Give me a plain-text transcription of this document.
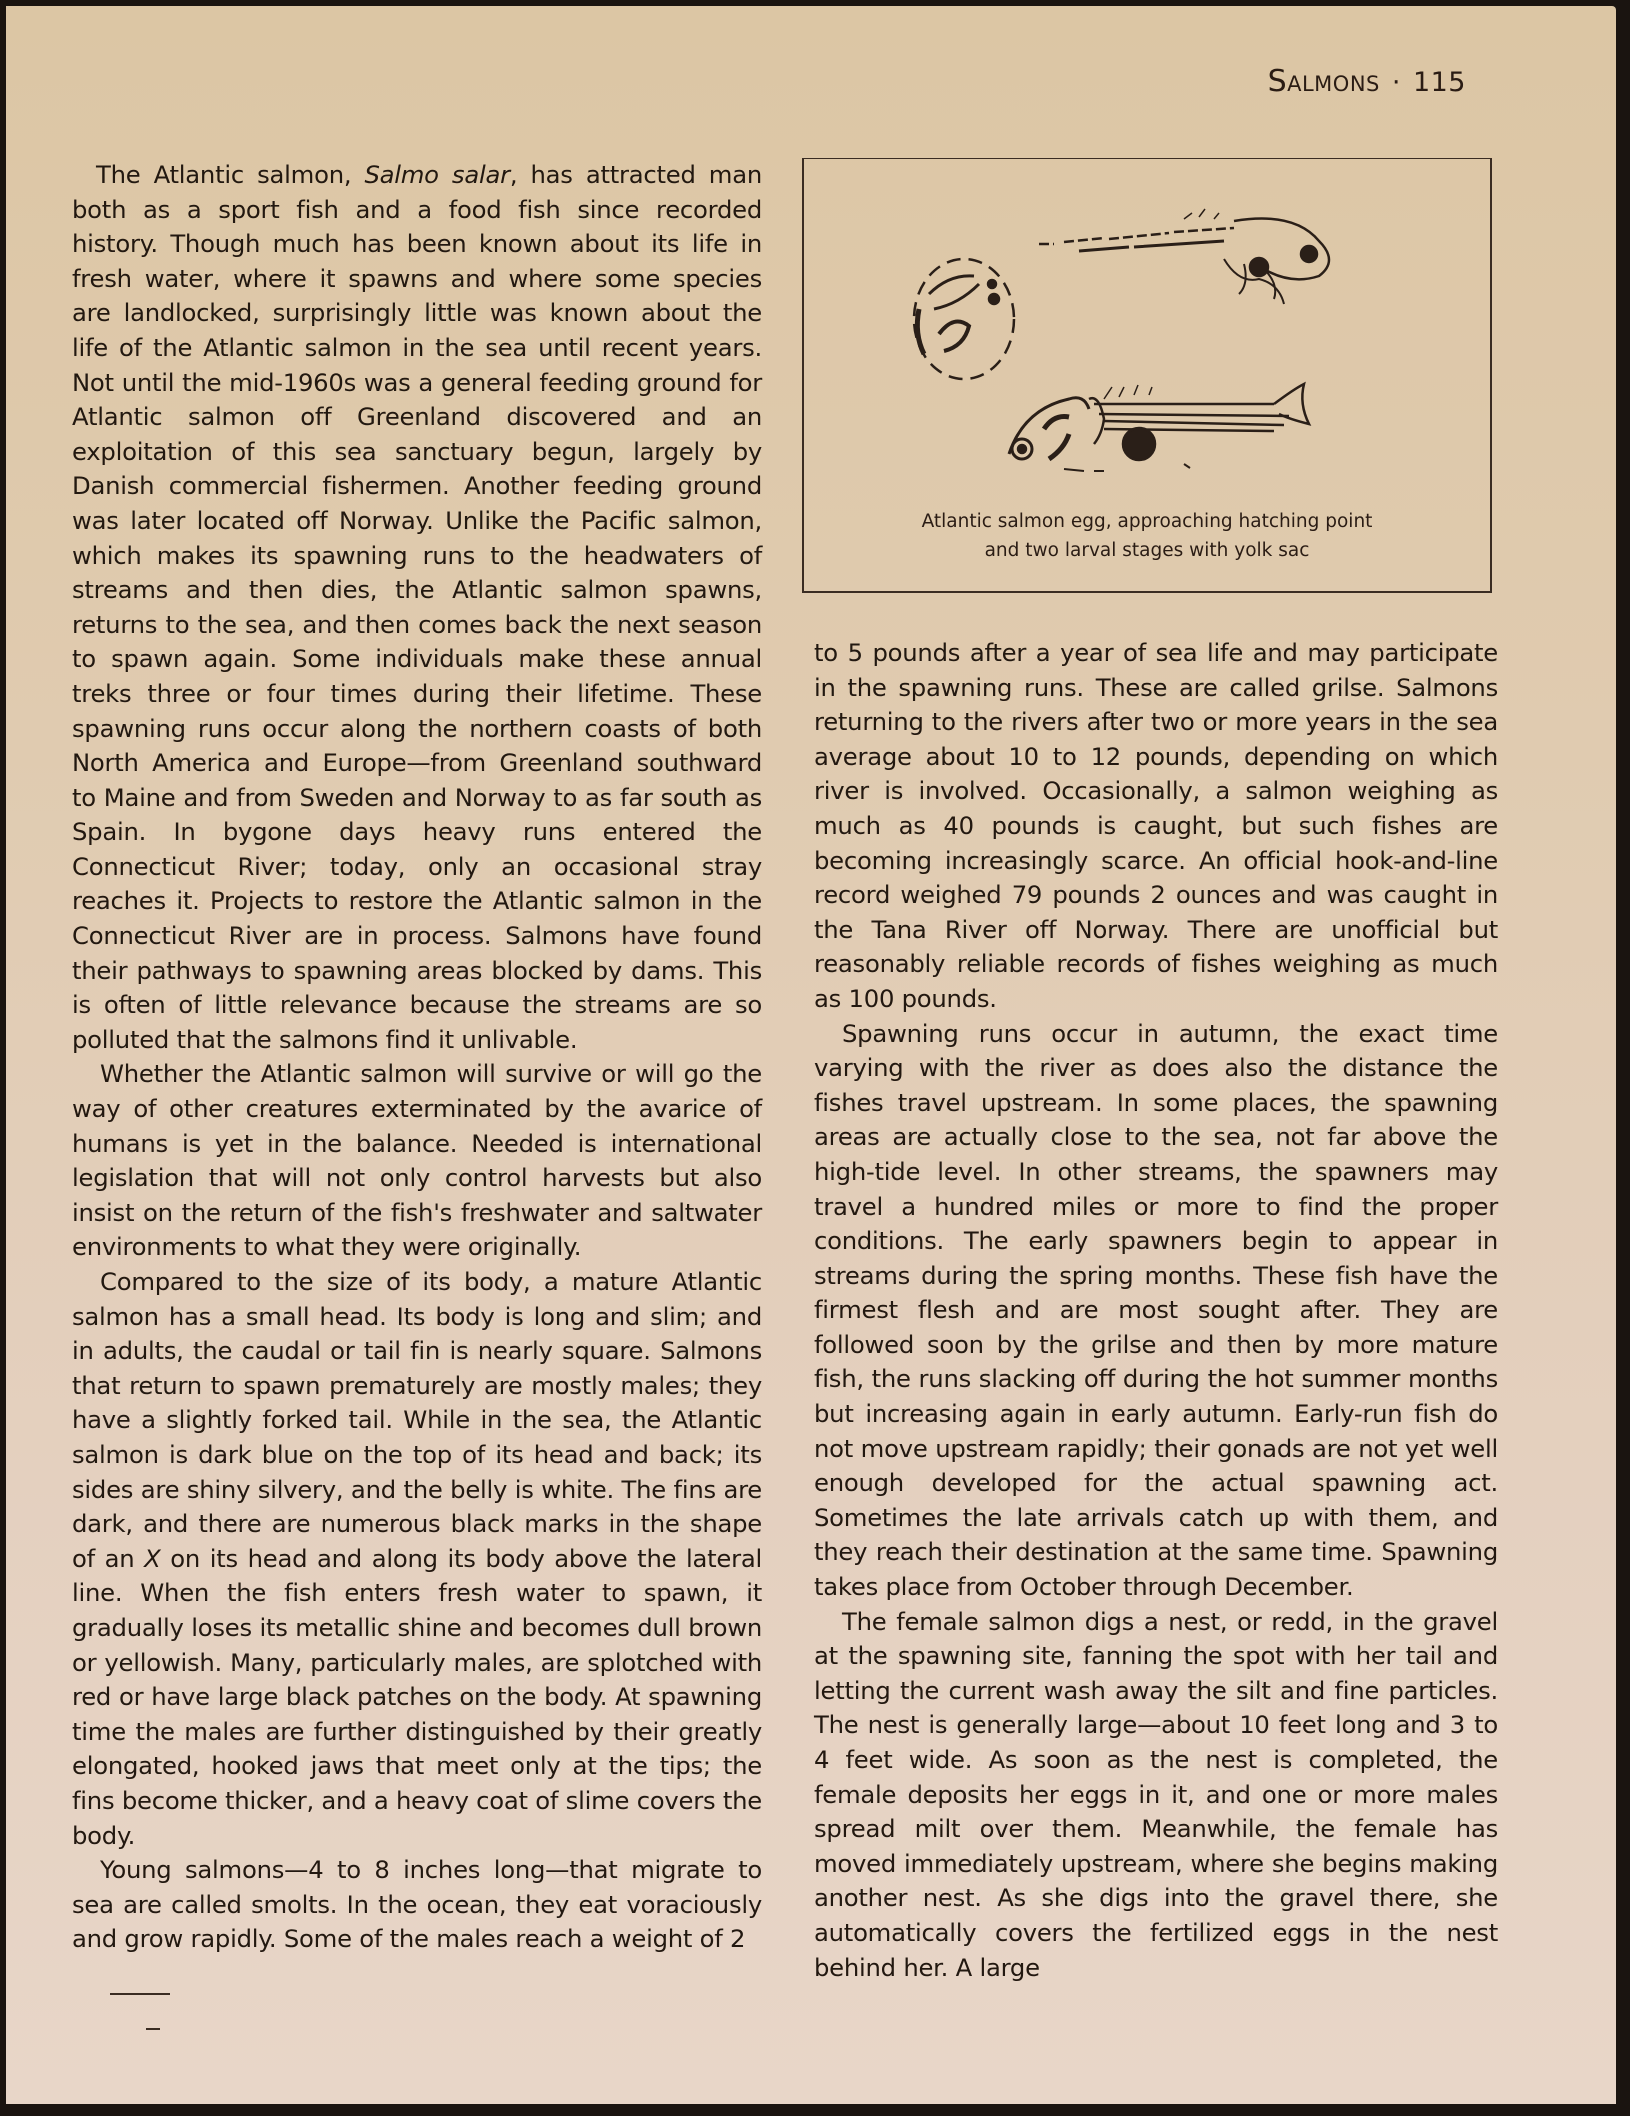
Salmons · 115

The Atlantic salmon, Salmo salar, has attracted man both as a sport fish and a food fish since recorded history. Though much has been known about its life in fresh water, where it spawns and where some species are landlocked, surprisingly little was known about the life of the Atlantic salmon in the sea until recent years. Not until the mid-1960s was a general feeding ground for Atlantic salmon off Greenland discovered and an exploitation of this sea sanctuary begun, largely by Danish commercial fishermen. Another feeding ground was later located off Norway. Unlike the Pacific salmon, which makes its spawning runs to the headwaters of streams and then dies, the Atlantic salmon spawns, returns to the sea, and then comes back the next season to spawn again. Some individuals make these annual treks three or four times during their lifetime. These spawning runs occur along the northern coasts of both North America and Europe—from Greenland southward to Maine and from Sweden and Norway to as far south as Spain. In bygone days heavy runs entered the Connecticut River; today, only an occasional stray reaches it. Projects to restore the Atlantic salmon in the Connecticut River are in process. Salmons have found their pathways to spawning areas blocked by dams. This is often of little relevance because the streams are so polluted that the salmons find it unlivable.

Whether the Atlantic salmon will survive or will go the way of other creatures exterminated by the avarice of humans is yet in the balance. Needed is international legislation that will not only control harvests but also insist on the return of the fish's freshwater and saltwater environments to what they were originally.

Compared to the size of its body, a mature Atlantic salmon has a small head. Its body is long and slim; and in adults, the caudal or tail fin is nearly square. Salmons that return to spawn prematurely are mostly males; they have a slightly forked tail. While in the sea, the Atlantic salmon is dark blue on the top of its head and back; its sides are shiny silvery, and the belly is white. The fins are dark, and there are numerous black marks in the shape of an X on its head and along its body above the lateral line. When the fish enters fresh water to spawn, it gradually loses its metallic shine and becomes dull brown or yellowish. Many, particularly males, are splotched with red or have large black patches on the body. At spawning time the males are further distinguished by their greatly elongated, hooked jaws that meet only at the tips; the fins become thicker, and a heavy coat of slime covers the body.

Young salmons—4 to 8 inches long—that migrate to sea are called smolts. In the ocean, they eat voraciously and grow rapidly. Some of the males reach a weight of 2

Atlantic salmon egg, approaching hatching point
and two larval stages with yolk sac

to 5 pounds after a year of sea life and may participate in the spawning runs. These are called grilse. Salmons returning to the rivers after two or more years in the sea average about 10 to 12 pounds, depending on which river is involved. Occasionally, a salmon weighing as much as 40 pounds is caught, but such fishes are becoming increasingly scarce. An official hook-and-line record weighed 79 pounds 2 ounces and was caught in the Tana River off Norway. There are unofficial but reasonably reliable records of fishes weighing as much as 100 pounds.

Spawning runs occur in autumn, the exact time varying with the river as does also the distance the fishes travel upstream. In some places, the spawning areas are actually close to the sea, not far above the high-tide level. In other streams, the spawners may travel a hundred miles or more to find the proper conditions. The early spawners begin to appear in streams during the spring months. These fish have the firmest flesh and are most sought after. They are followed soon by the grilse and then by more mature fish, the runs slacking off during the hot summer months but increasing again in early autumn. Early-run fish do not move upstream rapidly; their gonads are not yet well enough developed for the actual spawning act. Sometimes the late arrivals catch up with them, and they reach their destination at the same time. Spawning takes place from October through December.

The female salmon digs a nest, or redd, in the gravel at the spawning site, fanning the spot with her tail and letting the current wash away the silt and fine particles. The nest is generally large—about 10 feet long and 3 to 4 feet wide. As soon as the nest is completed, the female deposits her eggs in it, and one or more males spread milt over them. Meanwhile, the female has moved immediately upstream, where she begins making another nest. As she digs into the gravel there, she automatically covers the fertilized eggs in the nest behind her. A large
